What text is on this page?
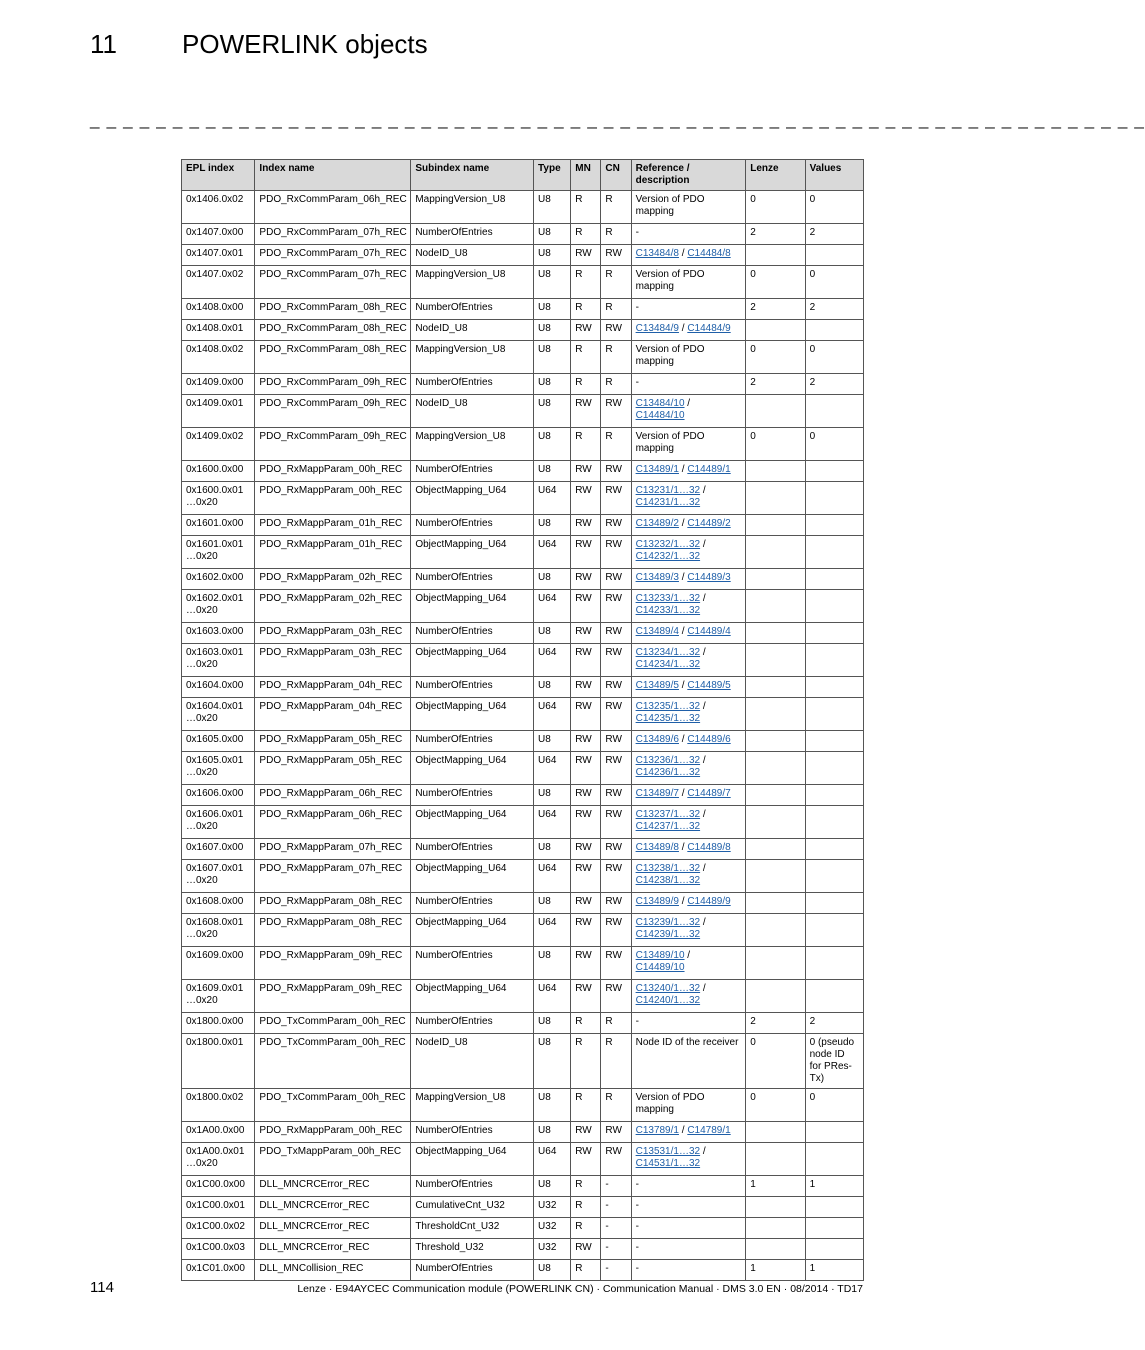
11	POWERLINK objects
_ _ _ _ _ _ _ _ _ _ _ _ _ _ _ _ _ _ _ _ _ _ _ _ _ _ _ _ _ _ _ _ _ _ _ _ _ _ _ _ _ _ _ _ _ _ _ _ _ _ _ _ _ _ _ _ _ _ _ _ _ _ _ _
EPL index	Index name	Subindex name	Type	MN	CN	Reference / description	Lenze	Values
0x1406.0x02	PDO_RxCommParam_06h_REC	MappingVersion_U8	U8	R	R	Version of PDO mapping	0	0
0x1407.0x00	PDO_RxCommParam_07h_REC	NumberOfEntries	U8	R	R	-	2	2
0x1407.0x01	PDO_RxCommParam_07h_REC	NodeID_U8	U8	RW	RW	C13484/8 / C14484/8		
0x1407.0x02	PDO_RxCommParam_07h_REC	MappingVersion_U8	U8	R	R	Version of PDO mapping	0	0
0x1408.0x00	PDO_RxCommParam_08h_REC	NumberOfEntries	U8	R	R	-	2	2
0x1408.0x01	PDO_RxCommParam_08h_REC	NodeID_U8	U8	RW	RW	C13484/9 / C14484/9		
0x1408.0x02	PDO_RxCommParam_08h_REC	MappingVersion_U8	U8	R	R	Version of PDO mapping	0	0
0x1409.0x00	PDO_RxCommParam_09h_REC	NumberOfEntries	U8	R	R	-	2	2
0x1409.0x01	PDO_RxCommParam_09h_REC	NodeID_U8	U8	RW	RW	C13484/10 / C14484/10		
0x1409.0x02	PDO_RxCommParam_09h_REC	MappingVersion_U8	U8	R	R	Version of PDO mapping	0	0
0x1600.0x00	PDO_RxMappParam_00h_REC	NumberOfEntries	U8	RW	RW	C13489/1 / C14489/1		
0x1600.0x01 …0x20	PDO_RxMappParam_00h_REC	ObjectMapping_U64	U64	RW	RW	C13231/1…32 / C14231/1…32		
0x1601.0x00	PDO_RxMappParam_01h_REC	NumberOfEntries	U8	RW	RW	C13489/2 / C14489/2		
0x1601.0x01 …0x20	PDO_RxMappParam_01h_REC	ObjectMapping_U64	U64	RW	RW	C13232/1…32 / C14232/1…32		
0x1602.0x00	PDO_RxMappParam_02h_REC	NumberOfEntries	U8	RW	RW	C13489/3 / C14489/3		
0x1602.0x01 …0x20	PDO_RxMappParam_02h_REC	ObjectMapping_U64	U64	RW	RW	C13233/1…32 / C14233/1…32		
0x1603.0x00	PDO_RxMappParam_03h_REC	NumberOfEntries	U8	RW	RW	C13489/4 / C14489/4		
0x1603.0x01 …0x20	PDO_RxMappParam_03h_REC	ObjectMapping_U64	U64	RW	RW	C13234/1…32 / C14234/1…32		
0x1604.0x00	PDO_RxMappParam_04h_REC	NumberOfEntries	U8	RW	RW	C13489/5 / C14489/5		
0x1604.0x01 …0x20	PDO_RxMappParam_04h_REC	ObjectMapping_U64	U64	RW	RW	C13235/1…32 / C14235/1…32		
0x1605.0x00	PDO_RxMappParam_05h_REC	NumberOfEntries	U8	RW	RW	C13489/6 / C14489/6		
0x1605.0x01 …0x20	PDO_RxMappParam_05h_REC	ObjectMapping_U64	U64	RW	RW	C13236/1…32 / C14236/1…32		
0x1606.0x00	PDO_RxMappParam_06h_REC	NumberOfEntries	U8	RW	RW	C13489/7 / C14489/7		
0x1606.0x01 …0x20	PDO_RxMappParam_06h_REC	ObjectMapping_U64	U64	RW	RW	C13237/1…32 / C14237/1…32		
0x1607.0x00	PDO_RxMappParam_07h_REC	NumberOfEntries	U8	RW	RW	C13489/8 / C14489/8		
0x1607.0x01 …0x20	PDO_RxMappParam_07h_REC	ObjectMapping_U64	U64	RW	RW	C13238/1…32 / C14238/1…32		
0x1608.0x00	PDO_RxMappParam_08h_REC	NumberOfEntries	U8	RW	RW	C13489/9 / C14489/9		
0x1608.0x01 …0x20	PDO_RxMappParam_08h_REC	ObjectMapping_U64	U64	RW	RW	C13239/1…32 / C14239/1…32		
0x1609.0x00	PDO_RxMappParam_09h_REC	NumberOfEntries	U8	RW	RW	C13489/10 / C14489/10		
0x1609.0x01 …0x20	PDO_RxMappParam_09h_REC	ObjectMapping_U64	U64	RW	RW	C13240/1…32 / C14240/1…32		
0x1800.0x00	PDO_TxCommParam_00h_REC	NumberOfEntries	U8	R	R	-	2	2
0x1800.0x01	PDO_TxCommParam_00h_REC	NodeID_U8	U8	R	R	Node ID of the receiver	0	0 (pseudo node ID for PRes-Tx)
0x1800.0x02	PDO_TxCommParam_00h_REC	MappingVersion_U8	U8	R	R	Version of PDO mapping	0	0
0x1A00.0x00	PDO_RxMappParam_00h_REC	NumberOfEntries	U8	RW	RW	C13789/1 / C14789/1		
0x1A00.0x01 …0x20	PDO_TxMappParam_00h_REC	ObjectMapping_U64	U64	RW	RW	C13531/1…32 / C14531/1…32		
0x1C00.0x00	DLL_MNCRCError_REC	NumberOfEntries	U8	R	-	-	1	1
0x1C00.0x01	DLL_MNCRCError_REC	CumulativeCnt_U32	U32	R	-	-		
0x1C00.0x02	DLL_MNCRCError_REC	ThresholdCnt_U32	U32	R	-	-		
0x1C00.0x03	DLL_MNCRCError_REC	Threshold_U32	U32	RW	-	-		
0x1C01.0x00	DLL_MNCollision_REC	NumberOfEntries	U8	R	-	-	1	1
114	Lenze · E94AYCEC Communication module (POWERLINK CN) · Communication Manual · DMS 3.0 EN · 08/2014 · TD17
